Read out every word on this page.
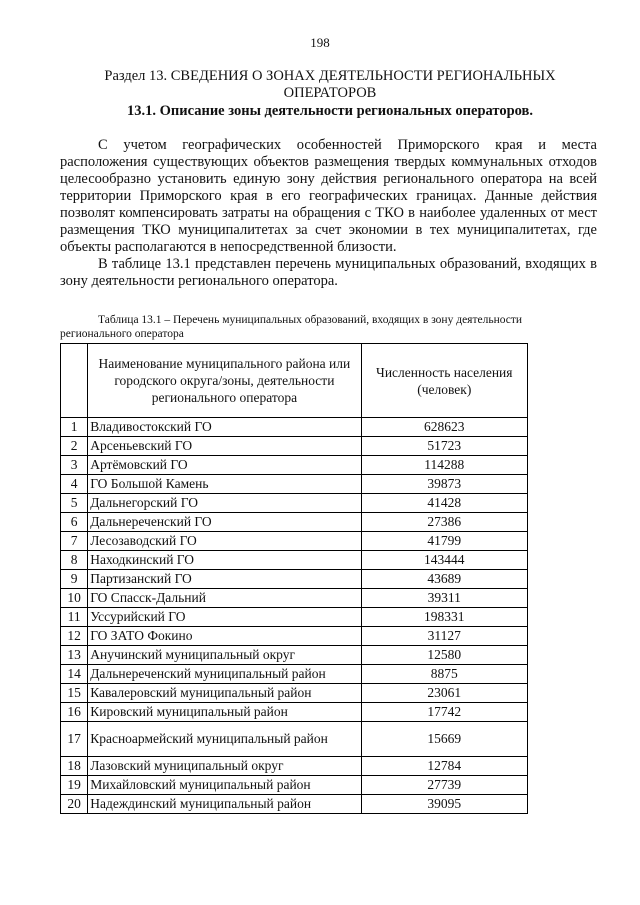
198
Раздел 13. СВЕДЕНИЯ О ЗОНАХ ДЕЯТЕЛЬНОСТИ РЕГИОНАЛЬНЫХ
ОПЕРАТОРОВ
13.1. Описание зоны деятельности региональных операторов.

С учетом географических особенностей Приморского края и места расположения существующих объектов размещения твердых коммунальных отходов целесообразно установить единую зону действия регионального оператора на всей территории Приморского края в его географических границах. Данные действия позволят компенсировать затраты на обращения с ТКО в наиболее удаленных от мест размещения ТКО муниципалитетах за счет экономии в тех муниципалитетах, где объекты располагаются в непосредственной близости.

В таблице 13.1 представлен перечень муниципальных образований, входящих в зону деятельности регионального оператора.

Таблица 13.1 – Перечень муниципальных образований, входящих в зону деятельности
регионального оператора
	Наименование муниципального района или городского округа/зоны, деятельности регионального оператора	Численность населения (человек)
1	Владивостокский ГО	628623
2	Арсеньевский ГО	51723
3	Артёмовский ГО	114288
4	ГО Большой Камень	39873
5	Дальнегорский ГО	41428
6	Дальнереченский ГО	27386
7	Лесозаводский ГО	41799
8	Находкинский ГО	143444
9	Партизанский ГО	43689
10	ГО Спасск-Дальний	39311
11	Уссурийский ГО	198331
12	ГО ЗАТО Фокино	31127
13	Анучинский муниципальный округ	12580
14	Дальнереченский муниципальный район	8875
15	Кавалеровский муниципальный район	23061
16	Кировский муниципальный район	17742
17	Красноармейский муниципальный район	15669
18	Лазовский муниципальный округ	12784
19	Михайловский муниципальный район	27739
20	Надеждинский муниципальный район	39095
